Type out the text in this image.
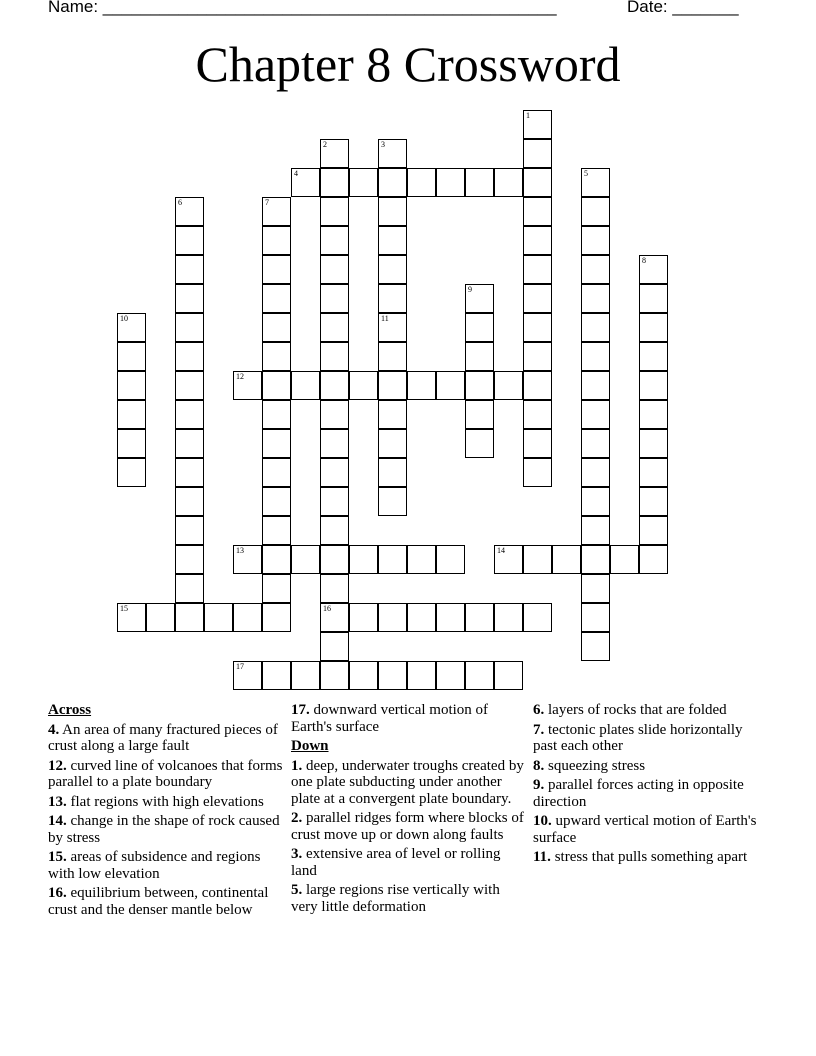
Name: ________________________________________________	Date: _______
Chapter 8 Crossword
1
2
16
3
4	5
6	7
8
9
10	11
12
13	14
15
17
Across
4. An area of many fractured pieces of crust along a large fault
12. curved line of volcanoes that forms parallel to a plate boundary
13. flat regions with high elevations
14. change in the shape of rock caused by stress
15. areas of subsidence and regions with low elevation
16. equilibrium between, continental crust and the denser mantle below
17. downward vertical motion of Earth's surface
Down
1. deep, underwater troughs created by one plate subducting under another plate at a convergent plate boundary.
2. parallel ridges form where blocks of crust move up or down along faults
3. extensive area of level or rolling land
5. large regions rise vertically with very little deformation
6. layers of rocks that are folded
7. tectonic plates slide horizontally past each other
8. squeezing stress
9. parallel forces acting in opposite direction
10. upward vertical motion of Earth's surface
11. stress that pulls something apart
